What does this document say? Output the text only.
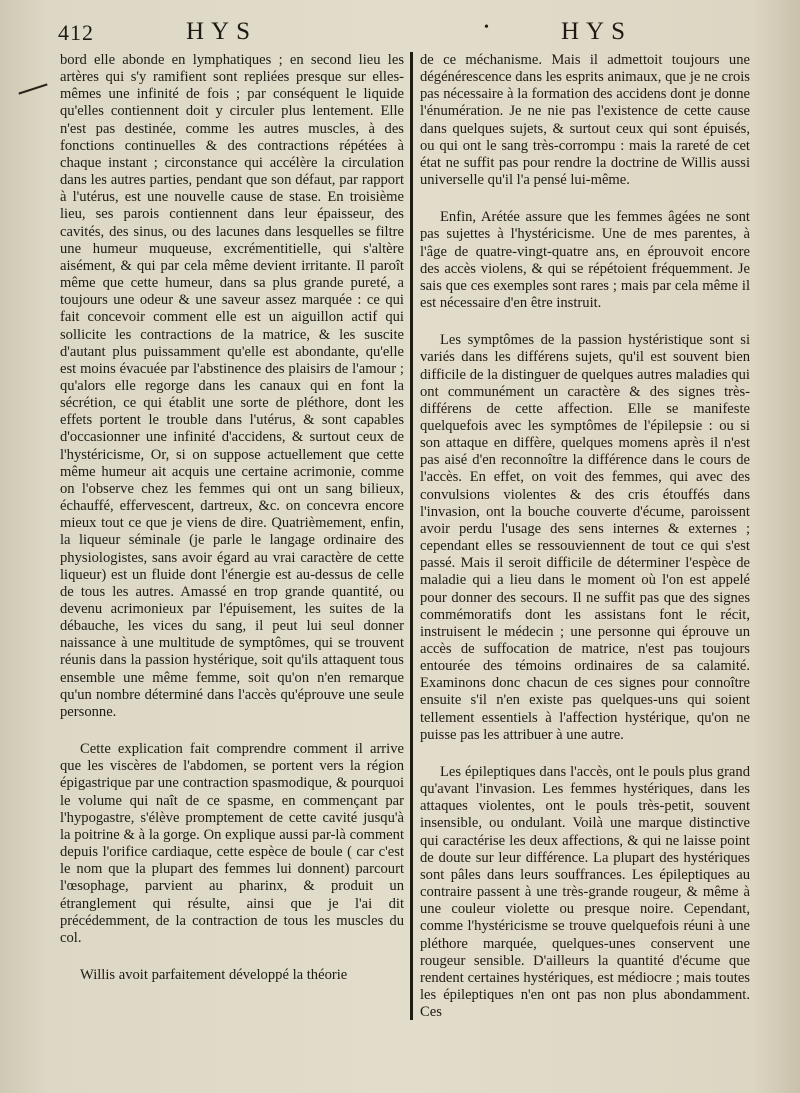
412	HYS	•	HYS

bord elle abonde en lymphatiques ; en second lieu les artères qui s'y ramifient sont repliées presque sur elles-mêmes une infinité de fois ; par conséquent le liquide qu'elles contiennent doit y circuler plus lentement. Elle n'est pas destinée, comme les autres muscles, à des fonctions continuelles & des contractions répétées à chaque instant ; circonstance qui accélère la circulation dans les autres parties, pendant que son défaut, par rapport à l'utérus, est une nouvelle cause de stase. En troisième lieu, ses parois contiennent dans leur épaisseur, des cavités, des sinus, ou des lacunes dans lesquelles se filtre une humeur muqueuse, excrémentitielle, qui s'altère aisément, & qui par cela même devient irritante. Il paroît même que cette humeur, dans sa plus grande pureté, a toujours une odeur & une saveur assez marquée : ce qui fait concevoir comment elle est un aiguillon actif qui sollicite les contractions de la matrice, & les suscite d'autant plus puissamment qu'elle est abondante, qu'elle est moins évacuée par l'abstinence des plaisirs de l'amour ; qu'alors elle regorge dans les canaux qui en font la sécrétion, ce qui établit une sorte de pléthore, dont les effets portent le trouble dans l'utérus, & sont capables d'occasionner une infinité d'accidens, & surtout ceux de l'hystéricisme, Or, si on suppose actuellement que cette même humeur ait acquis une certaine acrimonie, comme on l'observe chez les femmes qui ont un sang bilieux, échauffé, effervescent, dartreux, &c. on concevra encore mieux tout ce que je viens de dire. Quatrièmement, enfin, la liqueur séminale (je parle le langage ordinaire des physiologistes, sans avoir égard au vrai caractère de cette liqueur) est un fluide dont l'énergie est au-dessus de celle de tous les autres. Amassé en trop grande quantité, ou devenu acrimonieux par l'épuisement, les suites de la débauche, les vices du sang, il peut lui seul donner naissance à une multitude de symptômes, qui se trouvent réunis dans la passion hystérique, soit qu'ils attaquent tous ensemble une même femme, soit qu'on n'en remarque qu'un nombre déterminé dans l'accès qu'éprouve une seule personne.

Cette explication fait comprendre comment il arrive que les viscères de l'abdomen, se portent vers la région épigastrique par une contraction spasmodique, & pourquoi le volume qui naît de ce spasme, en commençant par l'hypogastre, s'élève promptement de cette cavité jusqu'à la poitrine & à la gorge. On explique aussi par-là comment depuis l'orifice cardiaque, cette espèce de boule ( car c'est le nom que la plupart des femmes lui donnent) parcourt l'œsophage, parvient au pharinx, & produit un étranglement qui résulte, ainsi que je l'ai dit précédemment, de la contraction de tous les muscles du col.

Willis avoit parfaitement développé la théorie

de ce méchanisme. Mais il admettoit toujours une dégénérescence dans les esprits animaux, que je ne crois pas nécessaire à la formation des accidens dont je donne l'énumération. Je ne nie pas l'existence de cette cause dans quelques sujets, & surtout ceux qui sont épuisés, ou qui ont le sang très-corrompu : mais la rareté de cet état ne suffit pas pour rendre la doctrine de Willis aussi universelle qu'il l'a pensé lui-même.

Enfin, Arétée assure que les femmes âgées ne sont pas sujettes à l'hystéricisme. Une de mes parentes, à l'âge de quatre-vingt-quatre ans, en éprouvoit encore des accès violens, & qui se répétoient fréquemment. Je sais que ces exemples sont rares ; mais par cela même il est nécessaire d'en être instruit.

Les symptômes de la passion hystéristique sont si variés dans les différens sujets, qu'il est souvent bien difficile de la distinguer de quelques autres maladies qui ont communément un caractère & des signes très-différens de cette affection. Elle se manifeste quelquefois avec les symptômes de l'épilepsie : ou si son attaque en diffère, quelques momens après il n'est pas aisé d'en reconnoître la différence dans le cours de l'accès. En effet, on voit des femmes, qui avec des convulsions violentes & des cris étouffés dans l'invasion, ont la bouche couverte d'écume, paroissent avoir perdu l'usage des sens internes & externes ; cependant elles se ressouviennent de tout ce qui s'est passé. Mais il seroit difficile de déterminer l'espèce de maladie qui a lieu dans le moment où l'on est appelé pour donner des secours. Il ne suffit pas que des signes commémoratifs dont les assistans font le récit, instruisent le médecin ; une personne qui éprouve un accès de suffocation de matrice, n'est pas toujours entourée des témoins ordinaires de sa calamité. Examinons donc chacun de ces signes pour connoître ensuite s'il n'en existe pas quelques-uns qui soient tellement essentiels à l'affection hystérique, qu'on ne puisse pas les attribuer à une autre.

Les épileptiques dans l'accès, ont le pouls plus grand qu'avant l'invasion. Les femmes hystériques, dans les attaques violentes, ont le pouls très-petit, souvent insensible, ou ondulant. Voilà une marque distinctive qui caractérise les deux affections, & qui ne laisse point de doute sur leur différence. La plupart des hystériques sont pâles dans leurs souffrances. Les épileptiques au contraire passent à une très-grande rougeur, & même à une couleur violette ou presque noire. Cependant, comme l'hystéricisme se trouve quelquefois réuni à une pléthore marquée, quelques-unes conservent une rougeur sensible. D'ailleurs la quantité d'écume que rendent certaines hystériques, est médiocre ; mais toutes les épileptiques n'en ont pas non plus abondamment. Ces
